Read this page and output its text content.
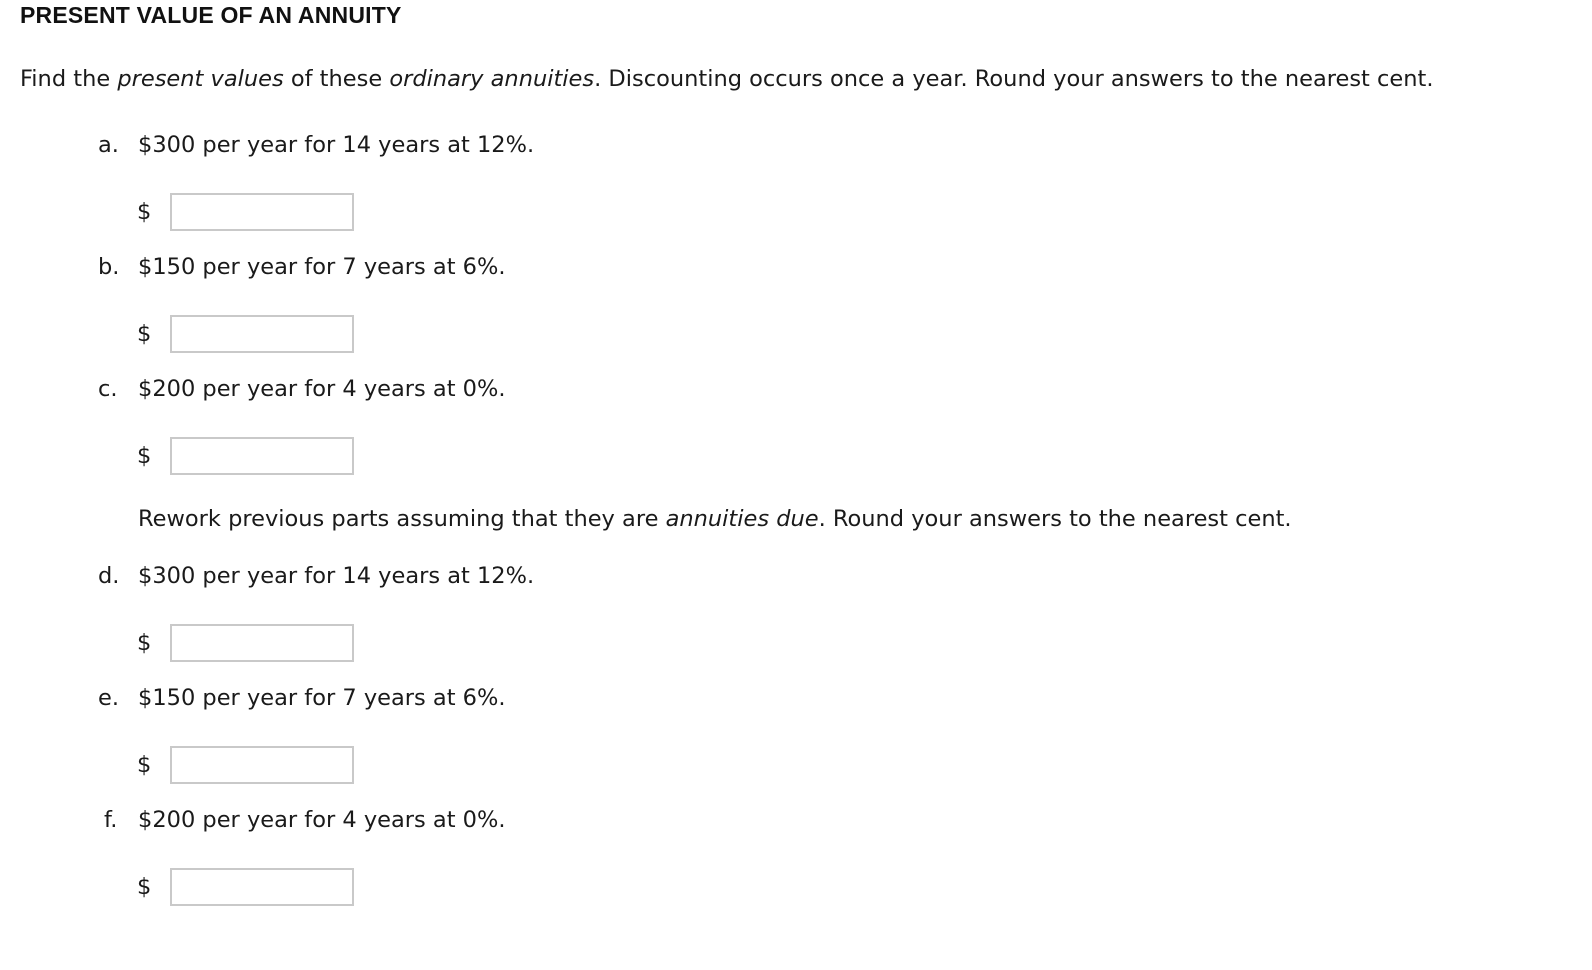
PRESENT VALUE OF AN ANNUITY
Find the present values of these ordinary annuities. Discounting occurs once a year. Round your answers to the nearest cent.
a. $300 per year for 14 years at 12%.
$
b. $150 per year for 7 years at 6%.
$
c. $200 per year for 4 years at 0%.
$
Rework previous parts assuming that they are annuities due. Round your answers to the nearest cent.
d. $300 per year for 14 years at 12%.
$
e. $150 per year for 7 years at 6%.
$
f. $200 per year for 4 years at 0%.
$
